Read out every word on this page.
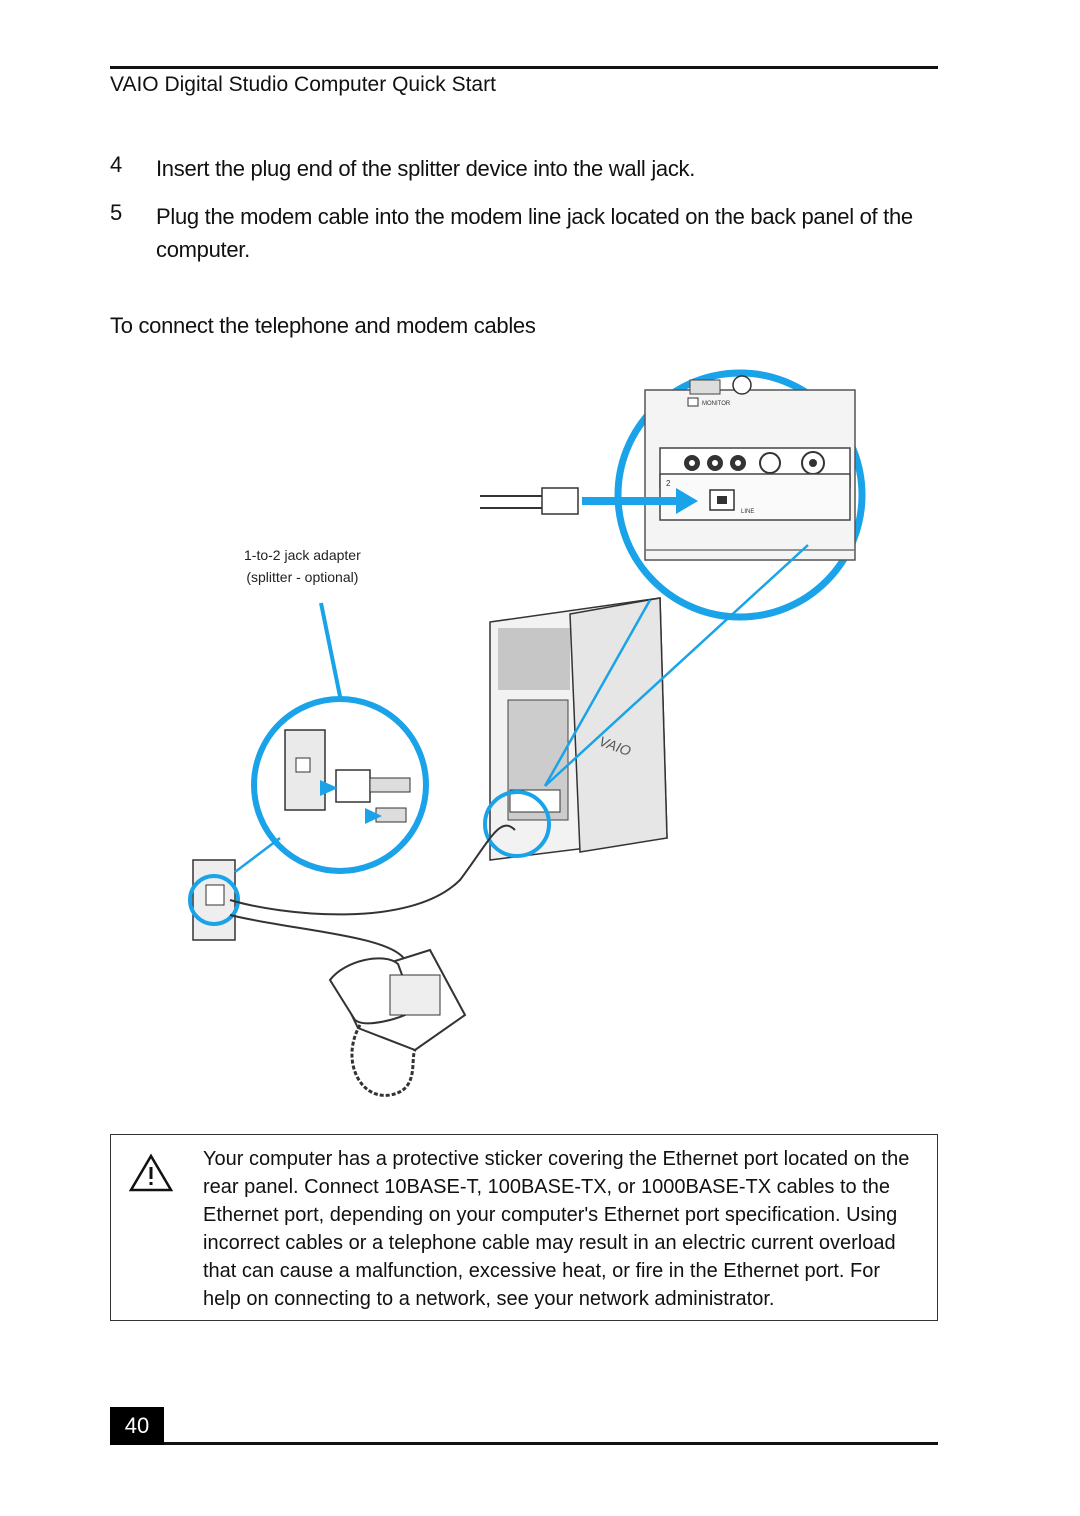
VAIO Digital Studio Computer Quick Start
4 Insert the plug end of the splitter device into the wall jack.
5 Plug the modem cable into the modem line jack located on the back panel of the computer.
To connect the telephone and modem cables
MONITOR
2
LINE
VAIO
1-to-2 jack adapter
(splitter - optional)
Your computer has a protective sticker covering the Ethernet port located on the rear panel. Connect 10BASE-T, 100BASE-TX, or 1000BASE-TX cables to the Ethernet port, depending on your computer's Ethernet port specification. Using incorrect cables or a telephone cable may result in an electric current overload that can cause a malfunction, excessive heat, or fire in the Ethernet port. For help on connecting to a network, see your network administrator.
40
